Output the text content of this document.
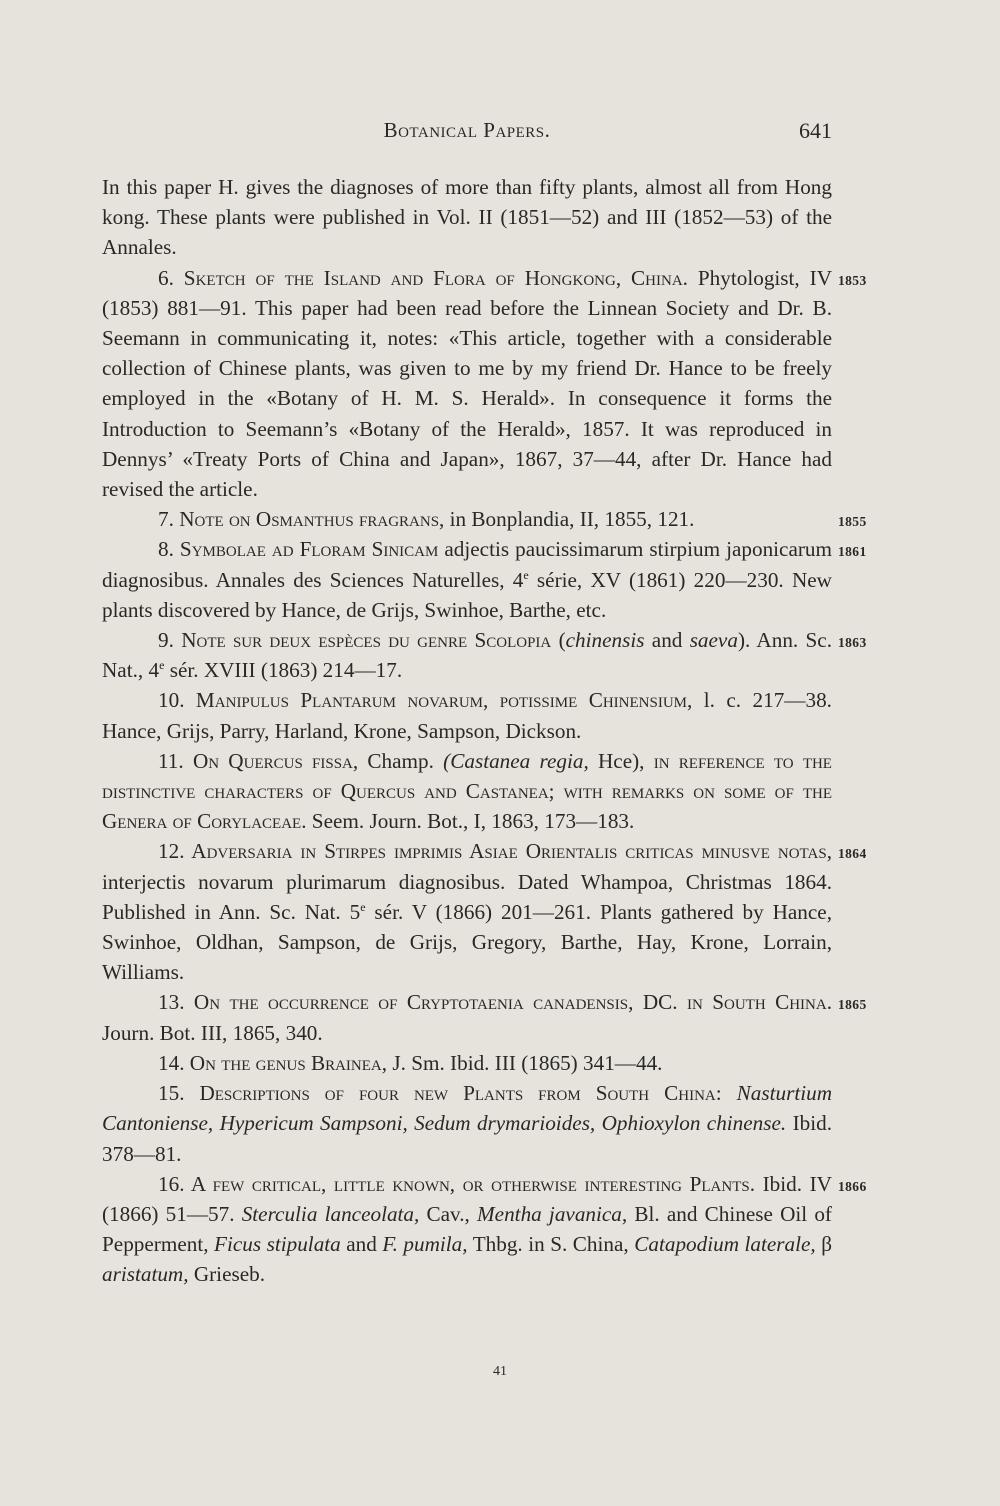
Botanical Papers.	641

In this paper H. gives the diagnoses of more than fifty plants, almost all from Hong kong. These plants were published in Vol. II (1851—52) and III (1852—53) of the Annales.

1853
6. Sketch of the Island and Flora of Hongkong, China. Phytologist, IV (1853) 881—91. This paper had been read before the Linnean Society and Dr. B. Seemann in communicating it, notes: «This article, together with a considerable collection of Chinese plants, was given to me by my friend Dr. Hance to be freely employed in the «Botany of H. M. S. Herald». In consequence it forms the Introduction to Seemann’s «Botany of the Herald», 1857. It was reproduced in Dennys’ «Treaty Ports of China and Japan», 1867, 37—44, after Dr. Hance had revised the article.

1855
7. Note on Osmanthus fragrans, in Bonplandia, II, 1855, 121.

1861
8. Symbolae ad Floram Sinicam adjectis paucissimarum stirpium japonicarum diagnosibus. Annales des Sciences Naturelles, 4e série, XV (1861) 220—230. New plants discovered by Hance, de Grijs, Swinhoe, Barthe, etc.

1863
9. Note sur deux espèces du genre Scolopia (chinensis and saeva). Ann. Sc. Nat., 4e sér. XVIII (1863) 214—17.

10. Manipulus Plantarum novarum, potissime Chinensium, l. c. 217—38. Hance, Grijs, Parry, Harland, Krone, Sampson, Dickson.

11. On Quercus fissa, Champ. (Castanea regia, Hce), in reference to the distinctive characters of Quercus and Castanea; with remarks on some of the Genera of Corylaceae. Seem. Journ. Bot., I, 1863, 173—183.

1864
12. Adversaria in Stirpes imprimis Asiae Orientalis criticas minusve notas, interjectis novarum plurimarum diagnosibus. Dated Whampoa, Christmas 1864. Published in Ann. Sc. Nat. 5e sér. V (1866) 201—261. Plants gathered by Hance, Swinhoe, Oldhan, Sampson, de Grijs, Gregory, Barthe, Hay, Krone, Lorrain, Williams.

1865
13. On the occurrence of Cryptotaenia canadensis, DC. in South China. Journ. Bot. III, 1865, 340.

14. On the genus Brainea, J. Sm. Ibid. III (1865) 341—44.

15. Descriptions of four new Plants from South China: Nasturtium Cantoniense, Hypericum Sampsoni, Sedum drymarioides, Ophioxylon chinense. Ibid. 378—81.

1866
16. A few critical, little known, or otherwise interesting Plants. Ibid. IV (1866) 51—57. Sterculia lanceolata, Cav., Mentha javanica, Bl. and Chinese Oil of Pepperment, Ficus stipulata and F. pumila, Thbg. in S. China, Catapodium laterale, β aristatum, Grieseb.

41
